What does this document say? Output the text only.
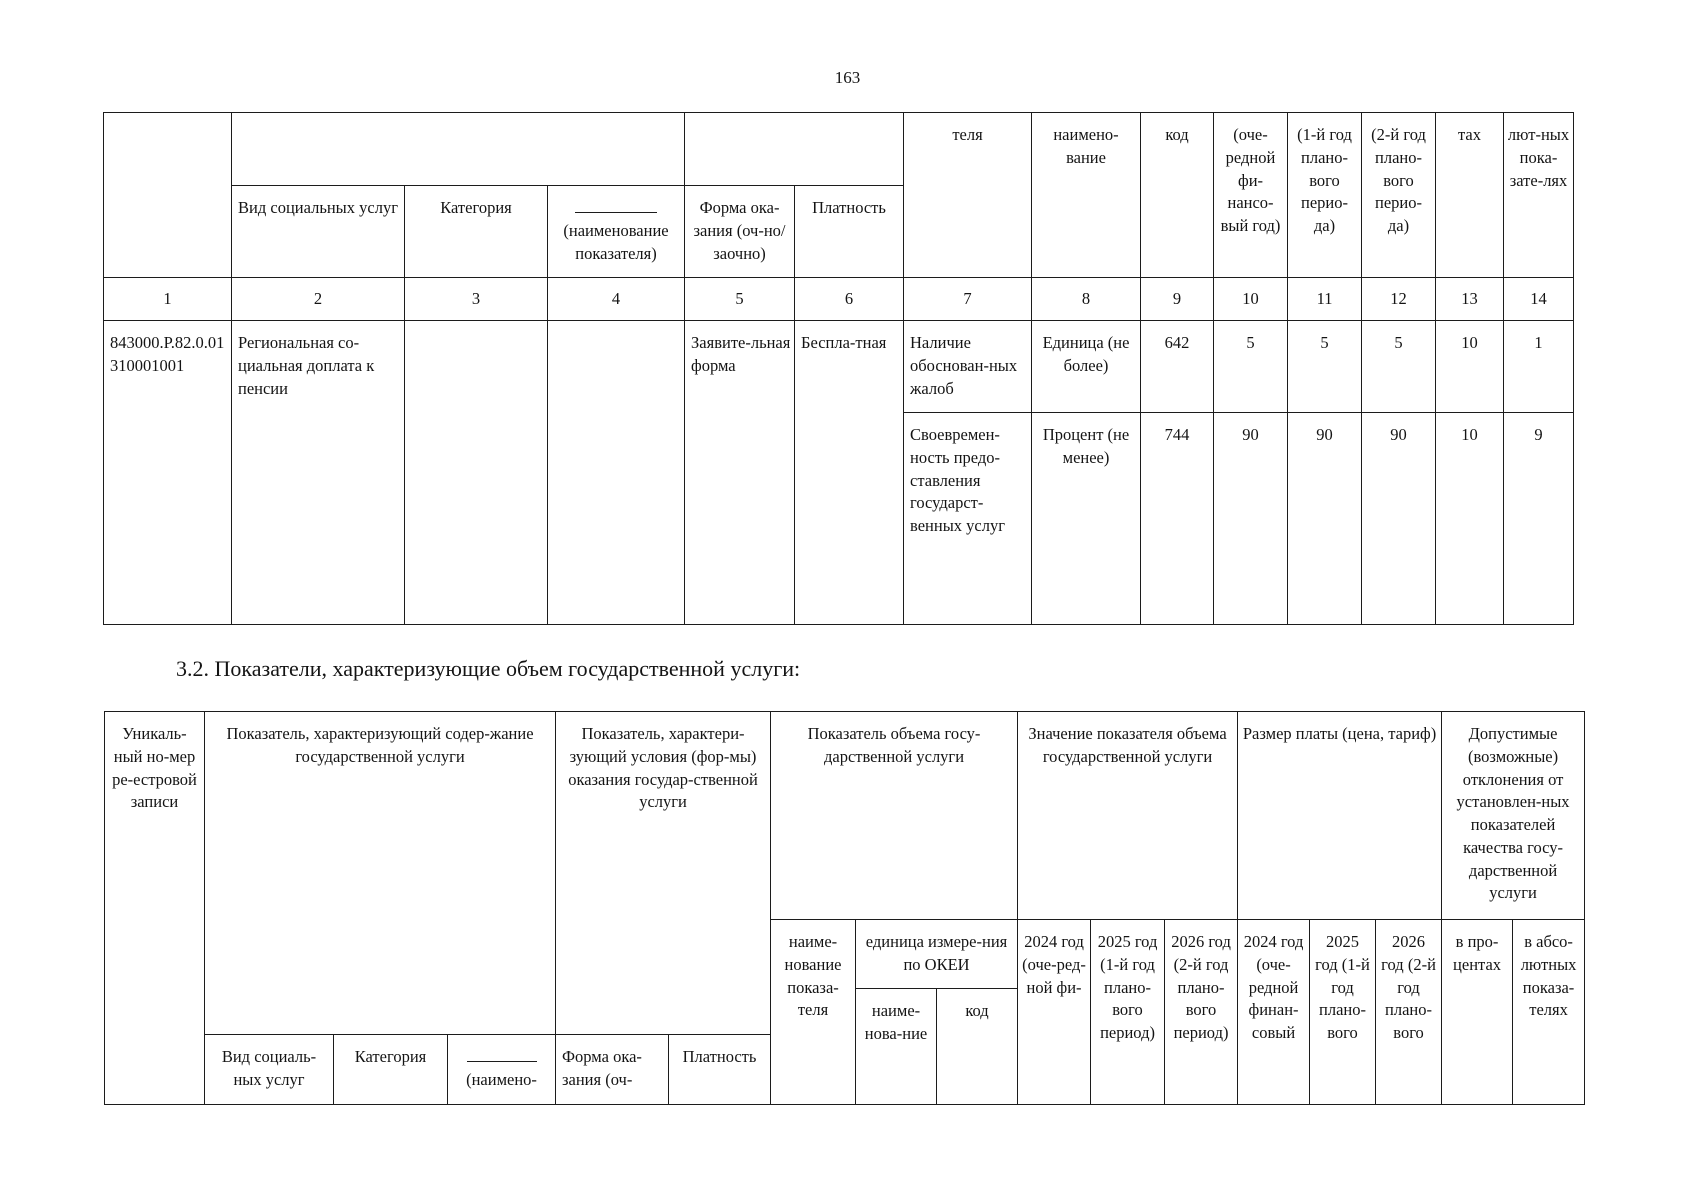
163
						теля	наимено-вание	код	(оче-редной фи-нансо-вый год)	(1-й год плано-вого перио-да)	(2-й год плано-вого перио-да)	тах	лют-ных пока-зате-лях
	Вид социальных услуг	Категория	(наименование показателя)	Форма ока-зания (оч-но/заочно)	Платность								
1	2	3	4	5	6	7	8	9	10	11	12	13	14
843000.Р.82.0.01310001001	Региональная со-циальная доплата к пенсии			Заявите-льная форма	Беспла-тная	Наличие обоснован-ных жалоб	Единица (не более)	642	5	5	5	10	1
						Своевремен-ность предо-ставления государст-венных услуг	Процент (не менее)	744	90	90	90	10	9
3.2. Показатели, характеризующие объем государственной услуги:
Уникаль-ный но-мер ре-естровой записи	Показатель, характеризующий содер-жание государственной услуги			Показатель, характери-зующий условия (фор-мы) оказания государ-ственной услуги		Показатель объема госу-дарственной услуги			Значение показателя объема государственной услуги			Размер платы (цена, тариф)			Допустимые (возможные) отклонения от установлен-ных показателей качества госу-дарственной услуги	
						наиме-нование показа-теля	единица измере-ния по ОКЕИ		2024 год (оче-ред-ной фи-	2025 год (1-й год плано-вого период)	2026 год (2-й год плано-вого период)	2024 год (оче-редной финан-совый	2025 год (1-й год плано-вого	2026 год (2-й год плано-вого	в про-центах	в абсо-лютных показа-телях
							наиме-нова-ние	код								
	Вид социаль-ных услуг	Категория	(наимено-	Форма ока-зания (оч-	Платность											
